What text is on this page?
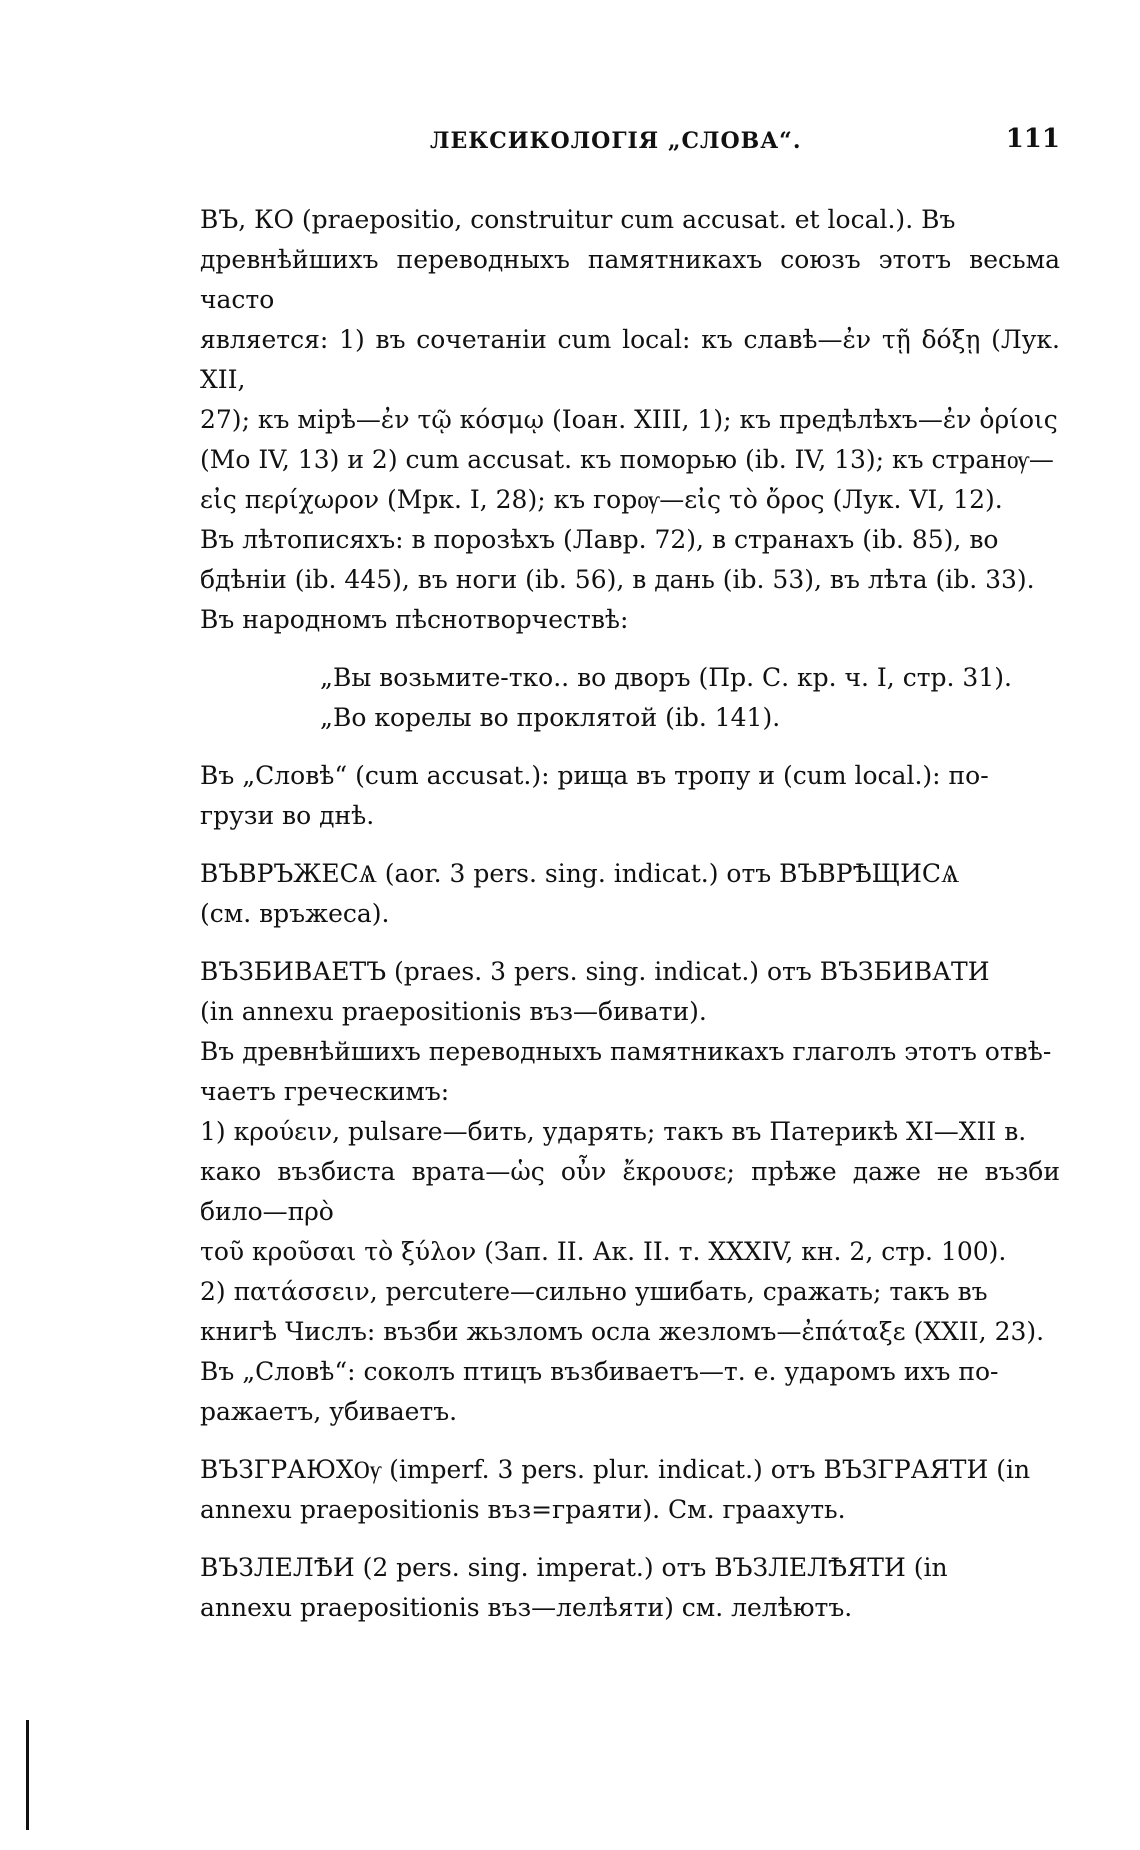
ЛЕКСИКОЛОГІЯ „СЛОВА“.	111

ВЪ, КО (praepositio, construitur cum accusat. et local.). Въ

древнѣйшихъ переводныхъ памятникахъ союзъ этотъ весьма часто

является: 1) въ сочетаніи cum local: къ славѣ—ἐν τῇ δόξῃ (Лук. XII,

27); къ мірѣ—ἐν τῷ κόσμῳ (Іоан. XIII, 1); къ предѣлѣхъ—ἐν ὁρίοις

(Мо IV, 13) и 2) cum accusat. къ поморью (ib. IV, 13); къ странѹ—

εἰς περίχωρον (Мрк. I, 28); къ горѹ—εἰς τὸ ὄρος (Лук. VI, 12).

Въ лѣтописяхъ: в порозѣхъ (Лавр. 72), в странахъ (ib. 85), во

бдѣніи (ib. 445), въ ноги (ib. 56), в дань (ib. 53), въ лѣта (ib. 33).

Въ народномъ пѣснотворчествѣ:

„Вы возьмите-тко.. во дворъ (Пр. С. кр. ч. I, стр. 31).

„Во корелы во проклятой (ib. 141).

Въ „Словѣ“ (cum accusat.): рища въ тропу и (cum local.): по-

грузи во днѣ.

ВЪВРЪЖЕСѦ (aor. 3 pers. sing. indicat.) отъ ВЪВРѢЩИСѦ

(см. връжеса).

ВЪЗБИВАЕТЪ (praes. 3 pers. sing. indicat.) отъ ВЪЗБИВАТИ

(in annexu praepositionis въз—бивати).

Въ древнѣйшихъ переводныхъ памятникахъ глаголъ этотъ отвѣ-

чаетъ греческимъ:

1) κρούειν, pulsare—бить, ударять; такъ въ Патерикѣ XI—XII в.

како възбиста врата—ὡς οὖν ἔκρουσε; прѣже даже не възби било—πρὸ

τοῦ κροῦσαι τὸ ξύλον (Зап. II. Ак. II. т. XXXIV, кн. 2, стр. 100).

2) πατάσσειν, percutere—сильно ушибать, сражать; такъ въ

книгѣ Числъ: възби жьзломъ осла жезломъ—ἐπάταξε (XXII, 23).

Въ „Словѣ“: соколъ птицъ възбиваетъ—т. е. ударомъ ихъ по-

ражаетъ, убиваетъ.

ВЪЗГРАЮХѸ (imperf. 3 pers. plur. indicat.) отъ ВЪЗГРАЯТИ (in

annexu praepositionis въз=граяти). См. граахуть.

ВЪЗЛЕЛѢИ (2 pers. sing. imperat.) отъ ВЪЗЛЕЛѢЯТИ (in

annexu praepositionis въз—лелѣяти) см. лелѣютъ.
